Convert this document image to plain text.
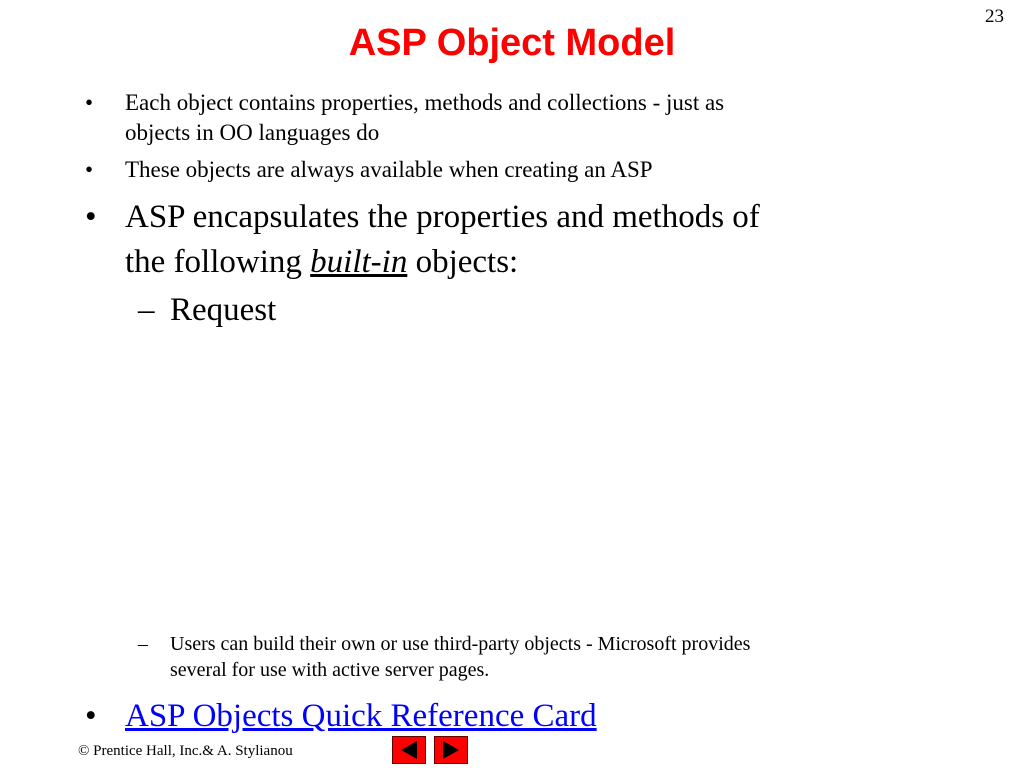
23
ASP Object Model
• Each object contains properties, methods and collections - just as
objects in OO languages do
• These objects are always available when creating an ASP
• ASP encapsulates the properties and methods of
the following built-in objects:
– Request
– Users can build their own or use third-party objects - Microsoft provides
several for use with active server pages.
• ASP Objects Quick Reference Card
© Prentice Hall, Inc.& A. Stylianou
